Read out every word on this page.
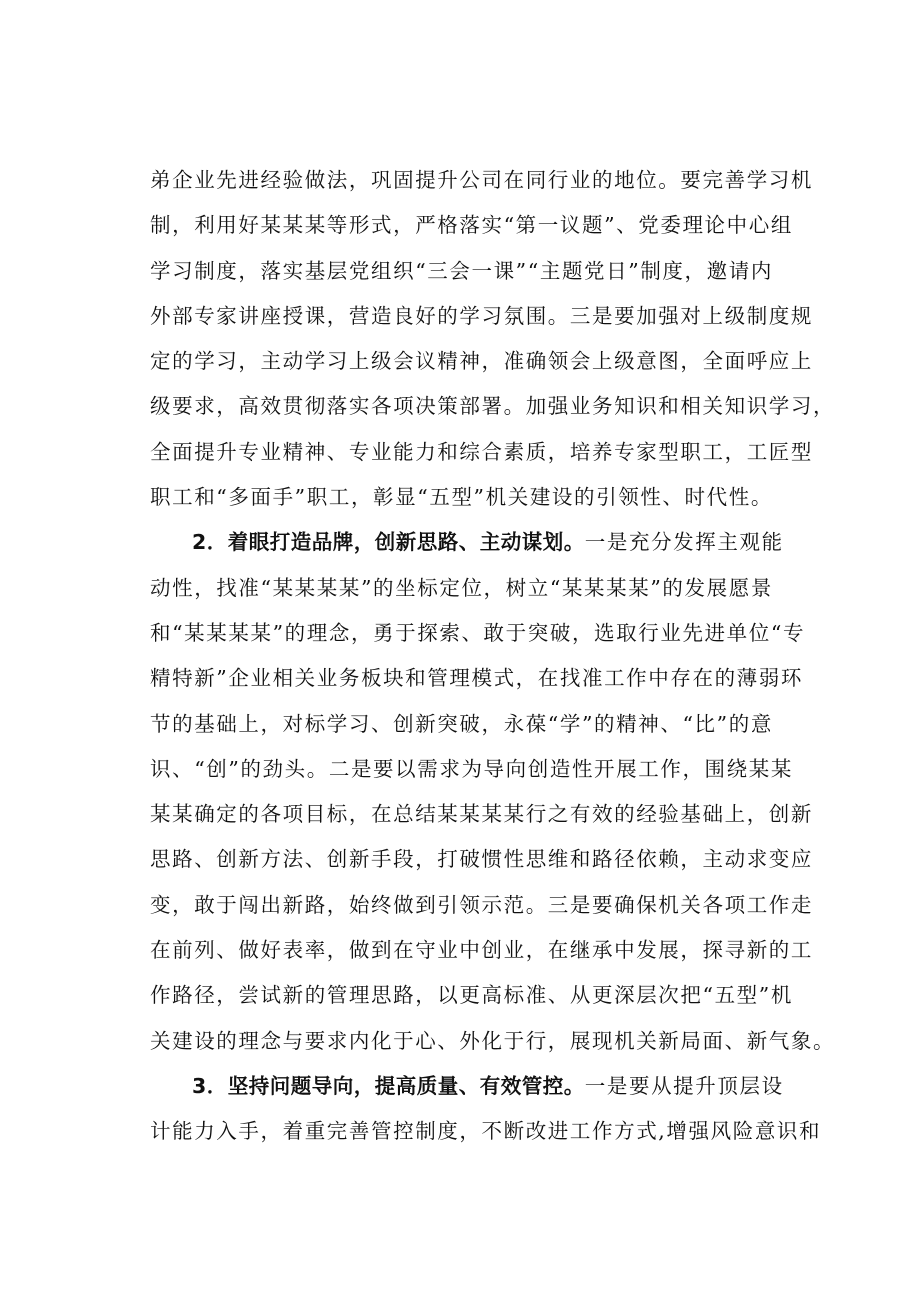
弟企业先进经验做法，巩固提升公司在同行业的地位。要完善学习机
制，利用好某某某等形式，严格落实“第一议题”、党委理论中心组
学习制度，落实基层党组织“三会一课”“主题党日”制度，邀请内
外部专家讲座授课，营造良好的学习氛围。三是要加强对上级制度规
定的学习，主动学习上级会议精神，准确领会上级意图，全面呼应上
级要求，高效贯彻落实各项决策部署。加强业务知识和相关知识学习，
全面提升专业精神、专业能力和综合素质，培养专家型职工，工匠型
职工和“多面手”职工，彰显“五型”机关建设的引领性、时代性。
2．着眼打造品牌，创新思路、主动谋划。一是充分发挥主观能
动性，找准“某某某某”的坐标定位，树立“某某某某”的发展愿景
和“某某某某”的理念，勇于探索、敢于突破，选取行业先进单位“专
精特新”企业相关业务板块和管理模式，在找准工作中存在的薄弱环
节的基础上，对标学习、创新突破，永葆“学”的精神、“比”的意
识、“创”的劲头。二是要以需求为导向创造性开展工作，围绕某某
某某确定的各项目标，在总结某某某某行之有效的经验基础上，创新
思路、创新方法、创新手段，打破惯性思维和路径依赖，主动求变应
变，敢于闯出新路，始终做到引领示范。三是要确保机关各项工作走
在前列、做好表率，做到在守业中创业，在继承中发展，探寻新的工
作路径，尝试新的管理思路，以更高标准、从更深层次把“五型”机
关建设的理念与要求内化于心、外化于行，展现机关新局面、新气象。
3．坚持问题导向，提高质量、有效管控。一是要从提升顶层设
计能力入手，着重完善管控制度，不断改进工作方式,增强风险意识和
